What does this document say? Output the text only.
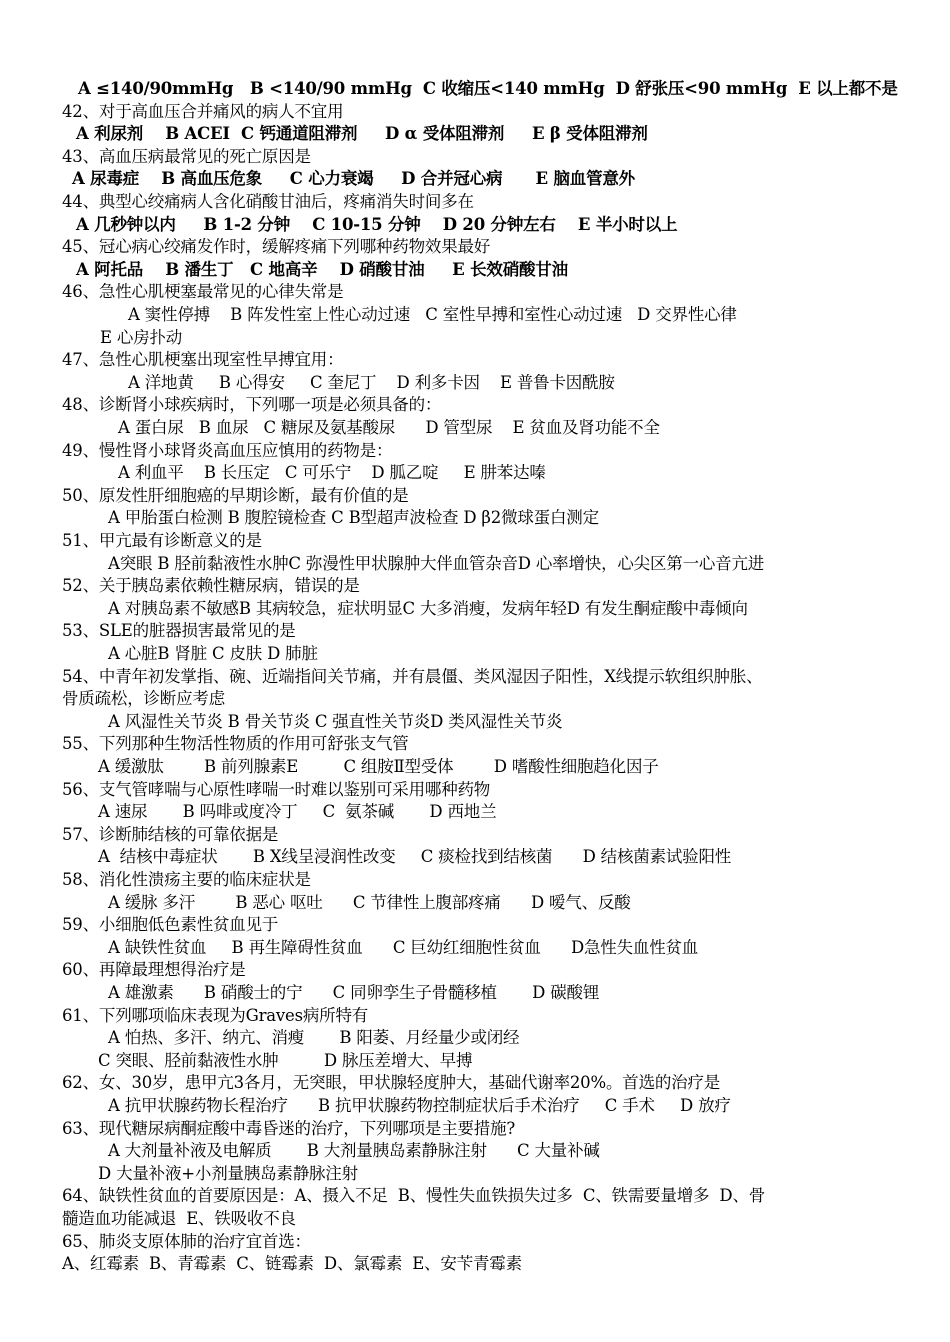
A ≤140/90mmHg   B <140/90 mmHg  C 收缩压<140 mmHg  D 舒张压<90 mmHg  E 以上都不是
42、对于高血压合并痛风的病人不宜用
A 利尿剂    B ACEI  C 钙通道阻滞剂     D α 受体阻滞剂     E β 受体阻滞剂
43、高血压病最常见的死亡原因是
A 尿毒症    B 高血压危象     C 心力衰竭     D 合并冠心病      E 脑血管意外
44、典型心绞痛病人含化硝酸甘油后，疼痛消失时间多在
A 几秒钟以内     B 1-2 分钟    C 10-15 分钟    D 20 分钟左右    E 半小时以上
45、冠心病心绞痛发作时，缓解疼痛下列哪种药物效果最好
A 阿托品    B 潘生丁   C 地高辛    D 硝酸甘油     E 长效硝酸甘油
46、急性心肌梗塞最常见的心律失常是
A 窦性停搏    B 阵发性室上性心动过速   C 室性早搏和室性心动过速   D 交界性心律
E 心房扑动
47、急性心肌梗塞出现室性早搏宜用：
A 洋地黄     B 心得安     C 奎尼丁    D 利多卡因    E 普鲁卡因酰胺
48、诊断肾小球疾病时，下列哪一项是必须具备的：
A 蛋白尿   B 血尿   C 糖尿及氨基酸尿      D 管型尿    E 贫血及肾功能不全
49、慢性肾小球肾炎高血压应慎用的药物是：
A 利血平    B 长压定   C 可乐宁    D 胍乙啶     E 肼苯达嗪
50、原发性肝细胞癌的早期诊断，最有价值的是
A 甲胎蛋白检测 B 腹腔镜检查 C B型超声波检查 D β2微球蛋白测定
51、甲亢最有诊断意义的是
A突眼 B 胫前黏液性水肿C 弥漫性甲状腺肿大伴血管杂音D 心率增快，心尖区第一心音亢进
52、关于胰岛素依赖性糖尿病，错误的是
A 对胰岛素不敏感B 其病较急，症状明显C 大多消瘦，发病年轻D 有发生酮症酸中毒倾向
53、SLE的脏器损害最常见的是
A 心脏B 肾脏 C 皮肤 D 肺脏
54、中青年初发掌指、碗、近端指间关节痛，并有晨僵、类风湿因子阳性，X线提示软组织肿胀、
骨质疏松，诊断应考虑
A 风湿性关节炎 B 骨关节炎 C 强直性关节炎D 类风湿性关节炎
55、下列那种生物活性物质的作用可舒张支气管
A 缓激肽        B 前列腺素E         C 组胺Ⅱ型受体        D 嗜酸性细胞趋化因子
56、支气管哮喘与心原性哮喘一时难以鉴别可采用哪种药物
A 速尿       B 吗啡或度冷丁     C  氨茶碱       D 西地兰
57、诊断肺结核的可靠依据是
A  结核中毒症状       B X线呈浸润性改变     C 痰检找到结核菌      D 结核菌素试验阳性
58、消化性溃疡主要的临床症状是
A 缓脉 多汗        B 恶心 呕吐      C 节律性上腹部疼痛      D 嗳气、反酸
59、小细胞低色素性贫血见于
A 缺铁性贫血     B 再生障碍性贫血      C 巨幼红细胞性贫血      D急性失血性贫血
60、再障最理想得治疗是
A 雄激素      B 硝酸士的宁      C 同卵孪生子骨髓移植       D 碳酸锂
61、下列哪项临床表现为Graves病所特有
A 怕热、多汗、纳亢、消瘦       B 阳萎、月经量少或闭经
C 突眼、胫前黏液性水肿         D 脉压差增大、早搏
62、女、30岁，患甲亢3各月，无突眼，甲状腺轻度肿大，基础代谢率20%。首选的治疗是
A 抗甲状腺药物长程治疗      B 抗甲状腺药物控制症状后手术治疗     C 手术     D 放疗
63、现代糖尿病酮症酸中毒昏迷的治疗，下列哪项是主要措施?
A 大剂量补液及电解质       B 大剂量胰岛素静脉注射      C 大量补碱
D 大量补液+小剂量胰岛素静脉注射
64、缺铁性贫血的首要原因是：A、摄入不足  B、慢性失血铁损失过多  C、铁需要量增多  D、骨
髓造血功能减退  E、铁吸收不良
65、肺炎支原体肺的治疗宜首选：
A、红霉素  B、青霉素  C、链霉素  D、氯霉素  E、安苄青霉素
